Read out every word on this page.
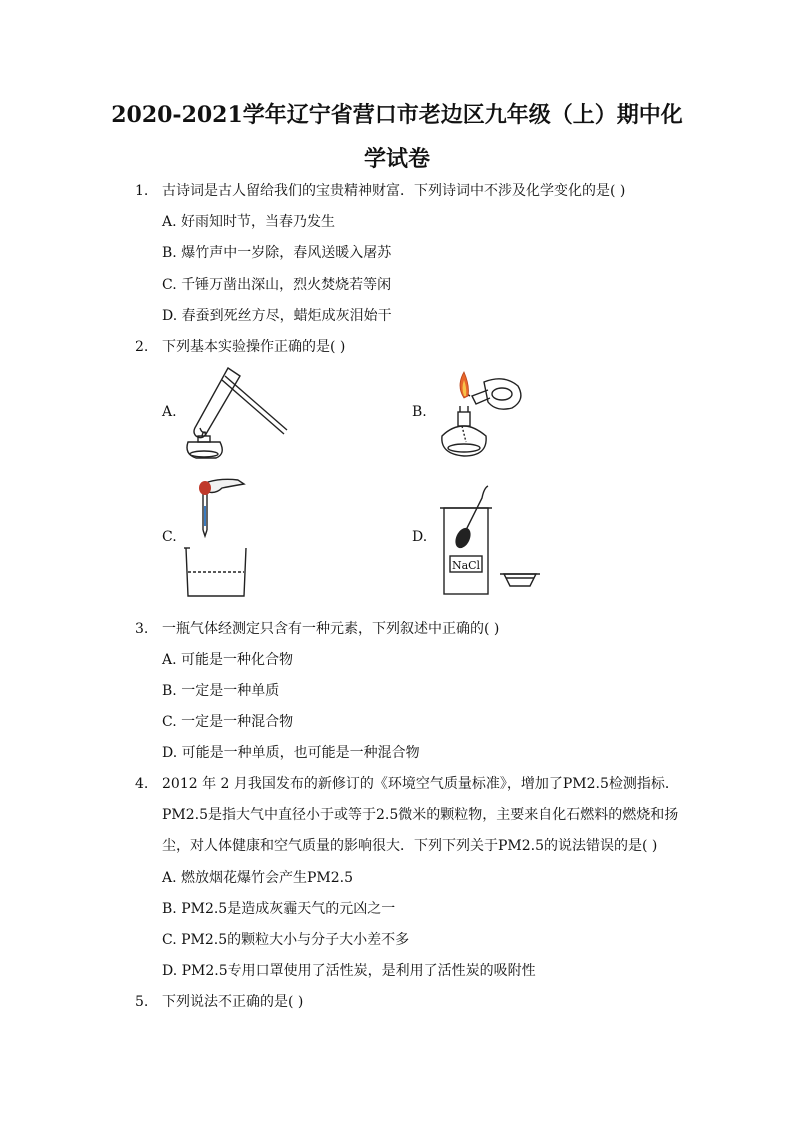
2020-2021学年辽宁省营口市老边区九年级（上）期中化
学试卷
1. 古诗词是古人留给我们的宝贵精神财富．下列诗词中不涉及化学变化的是( )
A. 好雨知时节，当春乃发生
B. 爆竹声中一岁除，春风送暖入屠苏
C. 千锤万凿出深山，烈火焚烧若等闲
D. 春蚕到死丝方尽，蜡炬成灰泪始干
2. 下列基本实验操作正确的是( )
A.	B.
C.	D.
NaCl
3. 一瓶气体经测定只含有一种元素，下列叙述中正确的( )
A. 可能是一种化合物
B. 一定是一种单质
C. 一定是一种混合物
D. 可能是一种单质，也可能是一种混合物
4. 2012 年 2 月我国发布的新修订的《环境空气质量标准》，增加了PM2.5检测指标．
PM2.5是指大气中直径小于或等于2.5微米的颗粒物，主要来自化石燃料的燃烧和扬
尘，对人体健康和空气质量的影响很大．下列下列关于PM2.5的说法错误的是( )
A. 燃放烟花爆竹会产生PM2.5
B. PM2.5是造成灰霾天气的元凶之一
C. PM2.5的颗粒大小与分子大小差不多
D. PM2.5专用口罩使用了活性炭，是利用了活性炭的吸附性
5. 下列说法不正确的是( )
